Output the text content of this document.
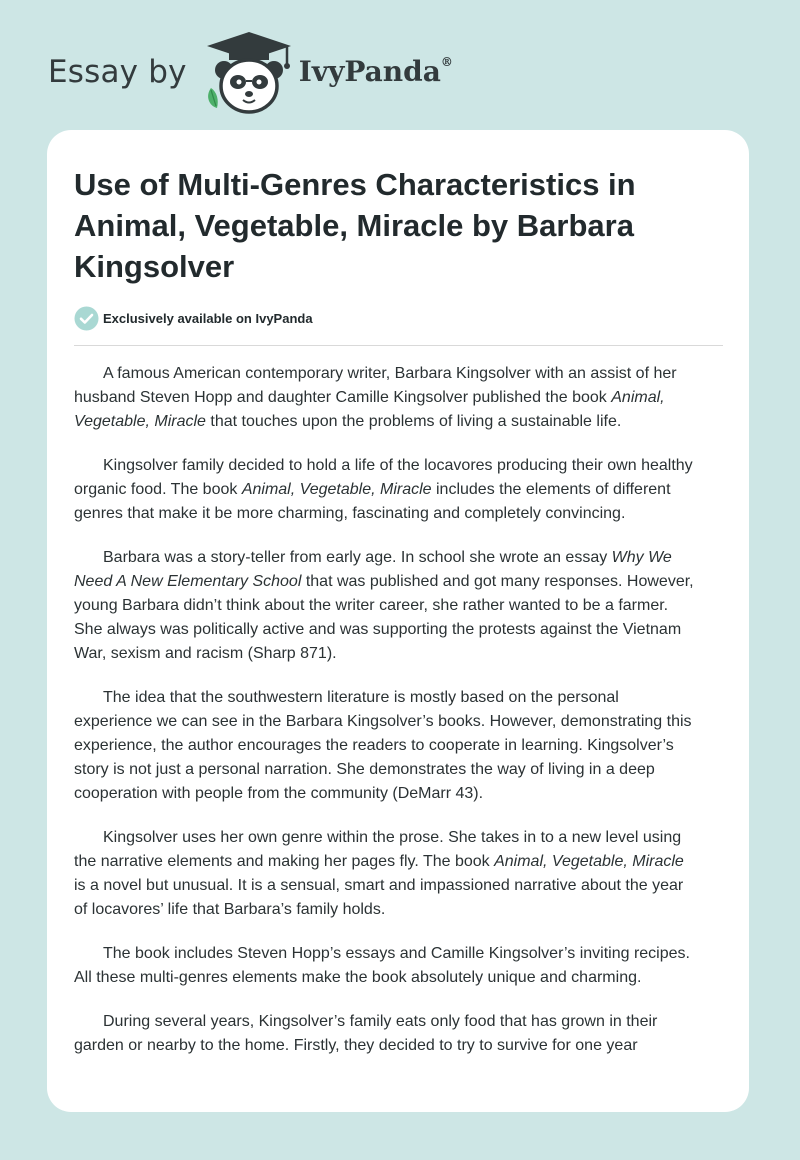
Essay by	IvyPanda®
Use of Multi-Genres Characteristics in Animal, Vegetable, Miracle by Barbara Kingsolver
Exclusively available on IvyPanda

A famous American contemporary writer, Barbara Kingsolver with an assist of her
husband Steven Hopp and daughter Camille Kingsolver published the book Animal,
Vegetable, Miracle that touches upon the problems of living a sustainable life.

Kingsolver family decided to hold a life of the locavores producing their own healthy
organic food. The book Animal, Vegetable, Miracle includes the elements of different
genres that make it be more charming, fascinating and completely convincing.

Barbara was a story-teller from early age. In school she wrote an essay Why We
Need A New Elementary School that was published and got many responses. However,
young Barbara didn’t think about the writer career, she rather wanted to be a farmer.
She always was politically active and was supporting the protests against the Vietnam
War, sexism and racism (Sharp 871).

The idea that the southwestern literature is mostly based on the personal
experience we can see in the Barbara Kingsolver’s books. However, demonstrating this
experience, the author encourages the readers to cooperate in learning. Kingsolver’s
story is not just a personal narration. She demonstrates the way of living in a deep
cooperation with people from the community (DeMarr 43).

Kingsolver uses her own genre within the prose. She takes in to a new level using
the narrative elements and making her pages fly. The book Animal, Vegetable, Miracle
is a novel but unusual. It is a sensual, smart and impassioned narrative about the year
of locavores’ life that Barbara’s family holds.

The book includes Steven Hopp’s essays and Camille Kingsolver’s inviting recipes.
All these multi-genres elements make the book absolutely unique and charming.

During several years, Kingsolver’s family eats only food that has grown in their
garden or nearby to the home. Firstly, they decided to try to survive for one year
